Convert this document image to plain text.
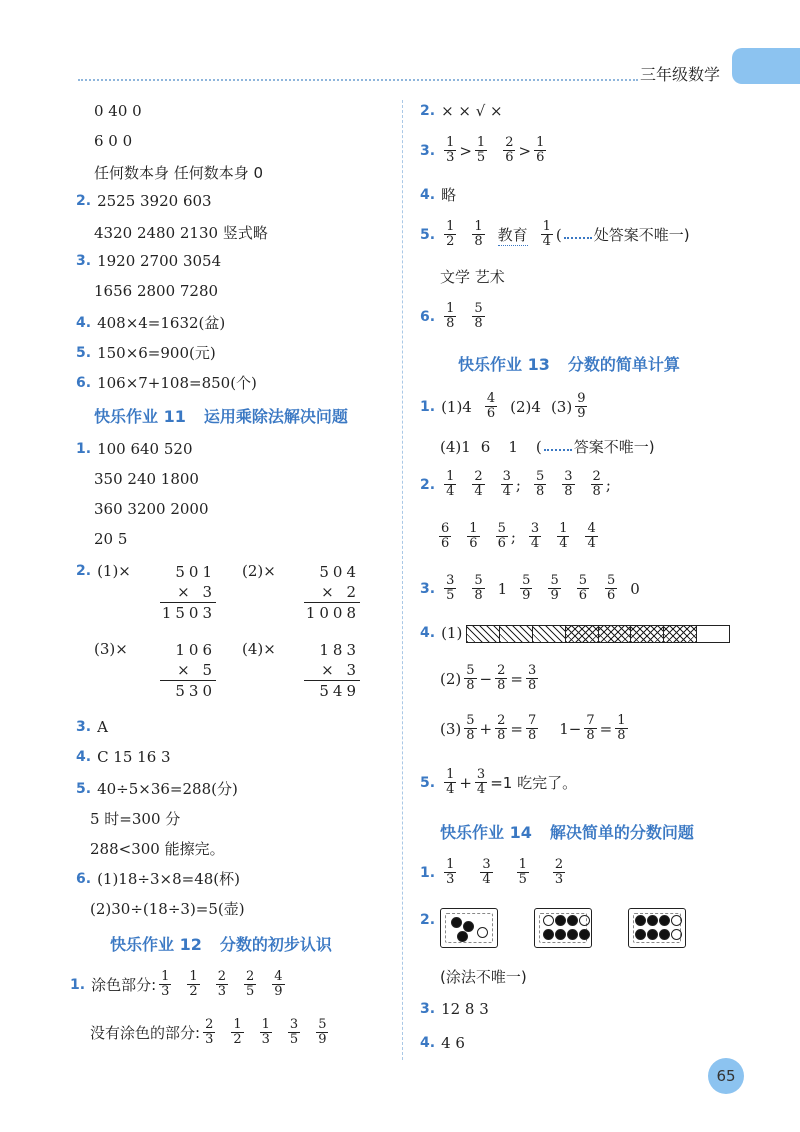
三年级数学
0 40 0
6 0 0
任何数本身 任何数本身 0
2. 2525 3920 603
4320 2480 2130 竖式略
3. 1920 2700 3054
1656 2800 7280
4. 408×4=1632(盆)
5. 150×6=900(元)
6. 106×7+108=850(个)
快乐作业 11 运用乘除法解决问题
1. 100 640 520
350 240 1800
360 3200 2000
20 5
2. (1)×	501
× 3
1503
(2)×	504
× 2
1008
(3)×	106
× 5
530
(4)×	183
× 3
549
3. A
4. C 15 16 3
5. 40÷5×36=288(分)
5 时=300 分
288<300 能擦完。
6. (1)18÷3×8=48(杯)
(2)30÷(18÷3)=5(壶)
快乐作业 12 分数的初步认识
1. 涂色部分: $\frac{1}{3} \frac{1}{2} \frac{2}{3} \frac{2}{5} \frac{4}{9}$
没有涂色的部分: $\frac{2}{3} \frac{1}{2} \frac{1}{3} \frac{3}{5} \frac{5}{9}$
2. × × √ ×
3. $\frac{1}{3} > \frac{1}{5} \frac{2}{6} > \frac{1}{6}$
4. 略
5. $\frac{1}{2} \frac{1}{8}$ 教育 $\frac{1}{4}$ ( 处答案不唯一)
文学 艺术
6. $\frac{1}{8} \frac{5}{8}$
快乐作业 13 分数的简单计算
1. $(1)4 \frac{4}{6} (2)4$ $(3) \frac{9}{9}$
(4)1 6 1 ( 答案不唯一)
2. $\frac{1}{4} \frac{2}{4} \frac{3}{4}$ ; $\frac{5}{8} \frac{3}{8} \frac{2}{8}$ ;
$\frac{6}{6} \frac{1}{6} \frac{5}{6}$ ; $\frac{3}{4} \frac{1}{4} \frac{4}{4}$
3. $\frac{3}{5} \frac{5}{8} 1 \frac{5}{9} \frac{5}{9} \frac{5}{6} \frac{5}{6} 0$
4. (1)
$(2) \frac{5}{8} - \frac{2}{8} = \frac{3}{8}$
$(3) \frac{5}{8} + \frac{2}{8} = \frac{7}{8} 1- \frac{7}{8} = \frac{1}{8}$
5. $\frac{1}{4} + \frac{3}{4} =1$ 吃完了。
快乐作业 14 解决简单的分数问题
1. $\frac{1}{3} \frac{3}{4} \frac{1}{5} \frac{2}{3}$
2.
(涂法不唯一)
3. 12 8 3
4. 4 6
65
